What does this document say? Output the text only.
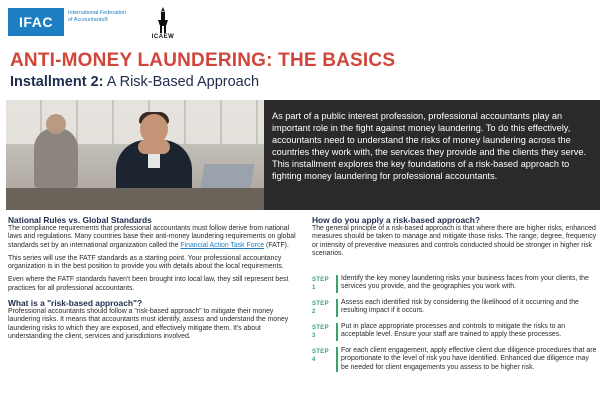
IFAC
International Federation of Accountants®
ICAEW
ANTI-MONEY LAUNDERING: THE BASICS
Installment 2: A Risk-Based Approach
As part of a public interest profession, professional accountants play an important role in the fight against money laundering. To do this effectively, accountants need to understand the risks of money laundering across the countries they work with, the services they provide and the clients they serve. This installment explores the key foundations of a risk-based approach to fighting money laundering for professional accountants.
National Rules vs. Global Standards

The compliance requirements that professional accountants must follow derive from national laws and regulations. Many countries base their anti-money laundering requirements on global standards set by an international organization called the Financial Action Task Force (FATF).

This series will use the FATF standards as a starting point. Your professional accountancy organization is in the best position to provide you with details about the local requirements.

Even where the FATF standards haven't been brought into local law, they still represent best practices for all professional accountants.

What is a "risk-based approach"?

Professional accountants should follow a "risk-based approach" to mitigate their money laundering risks. It means that accountants must identify, assess and understand the money laundering risks to which they are exposed, and effectively mitigate them. It's about understanding the client, services and jurisdictions involved.

How do you apply a risk-based approach?

The general principle of a risk-based approach is that where there are higher risks, enhanced measures should be taken to manage and mitigate those risks. The range, degree, frequency or intensity of preventive measures and controls conducted should be stronger in higher risk scenarios.

STEP 1
Identify the key money laundering risks your business faces from your clients, the services you provide, and the geographies you work with.
STEP 2
Assess each identified risk by considering the likelihood of it occurring and the resulting impact if it occurs.
STEP 3
Put in place appropriate processes and controls to mitigate the risks to an acceptable level. Ensure your staff are trained to apply these processes.
STEP 4
For each client engagement, apply effective client due diligence procedures that are proportionate to the level of risk you have identified. Enhanced due diligence may be needed for client engagements you assess to be higher risk.
